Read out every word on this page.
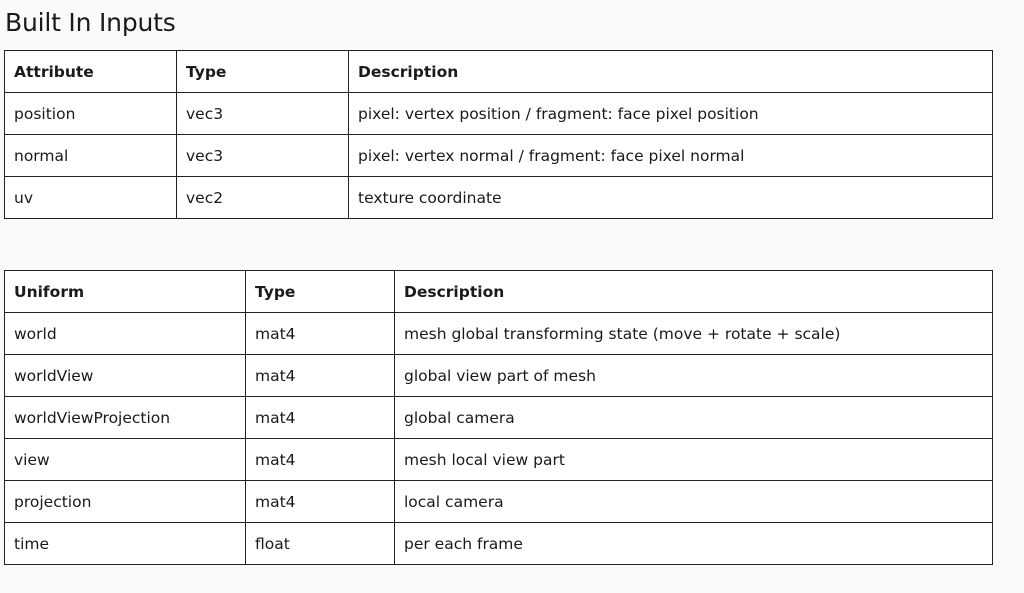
Built In Inputs
Attribute	Type	Description
position	vec3	pixel: vertex position / fragment: face pixel position
normal	vec3	pixel: vertex normal / fragment: face pixel normal
uv	vec2	texture coordinate
Uniform	Type	Description
world	mat4	mesh global transforming state (move + rotate + scale)
worldView	mat4	global view part of mesh
worldViewProjection	mat4	global camera
view	mat4	mesh local view part
projection	mat4	local camera
time	float	per each frame
